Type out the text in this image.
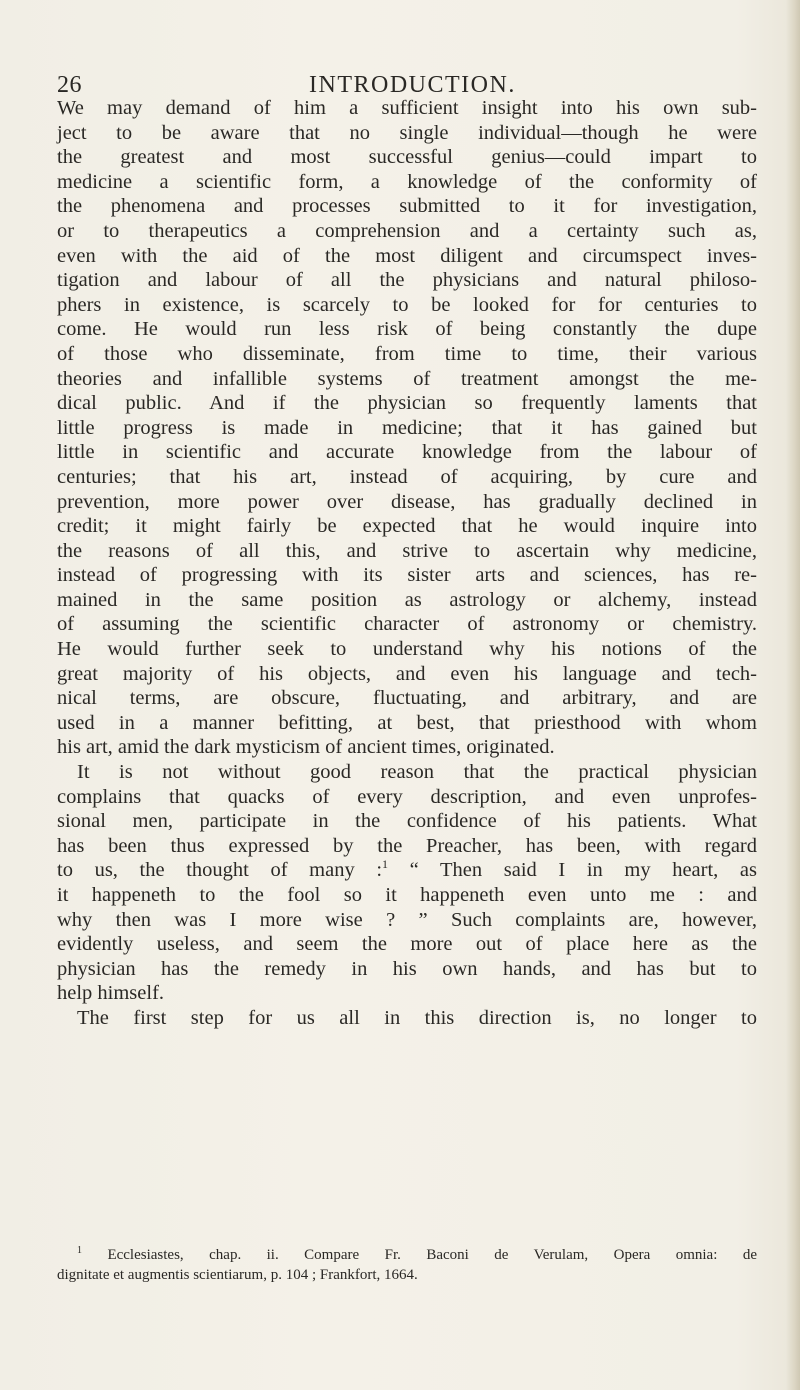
26	INTRODUCTION.
We may demand of him a sufficient insight into his own sub-
ject to be aware that no single individual—though he were
the greatest and most successful genius—could impart to
medicine a scientific form, a knowledge of the conformity of
the phenomena and processes submitted to it for investigation,
or to therapeutics a comprehension and a certainty such as,
even with the aid of the most diligent and circumspect inves-
tigation and labour of all the physicians and natural philoso-
phers in existence, is scarcely to be looked for for centuries to
come. He would run less risk of being constantly the dupe
of those who disseminate, from time to time, their various
theories and infallible systems of treatment amongst the me-
dical public. And if the physician so frequently laments that
little progress is made in medicine; that it has gained but
little in scientific and accurate knowledge from the labour of
centuries; that his art, instead of acquiring, by cure and
prevention, more power over disease, has gradually declined in
credit; it might fairly be expected that he would inquire into
the reasons of all this, and strive to ascertain why medicine,
instead of progressing with its sister arts and sciences, has re-
mained in the same position as astrology or alchemy, instead
of assuming the scientific character of astronomy or chemistry.
He would further seek to understand why his notions of the
great majority of his objects, and even his language and tech-
nical terms, are obscure, fluctuating, and arbitrary, and are
used in a manner befitting, at best, that priesthood with whom
his art, amid the dark mysticism of ancient times, originated.
It is not without good reason that the practical physician
complains that quacks of every description, and even unprofes-
sional men, participate in the confidence of his patients. What
has been thus expressed by the Preacher, has been, with regard
to us, the thought of many :$^1$ “ Then said I in my heart, as
it happeneth to the fool so it happeneth even unto me : and
why then was I more wise ? ” Such complaints are, however,
evidently useless, and seem the more out of place here as the
physician has the remedy in his own hands, and has but to
help himself.
The first step for us all in this direction is, no longer to
$^1$ Ecclesiastes, chap. ii. Compare Fr. Baconi de Verulam, Opera omnia: de
dignitate et augmentis scientiarum, p. 104 ; Frankfort, 1664.
